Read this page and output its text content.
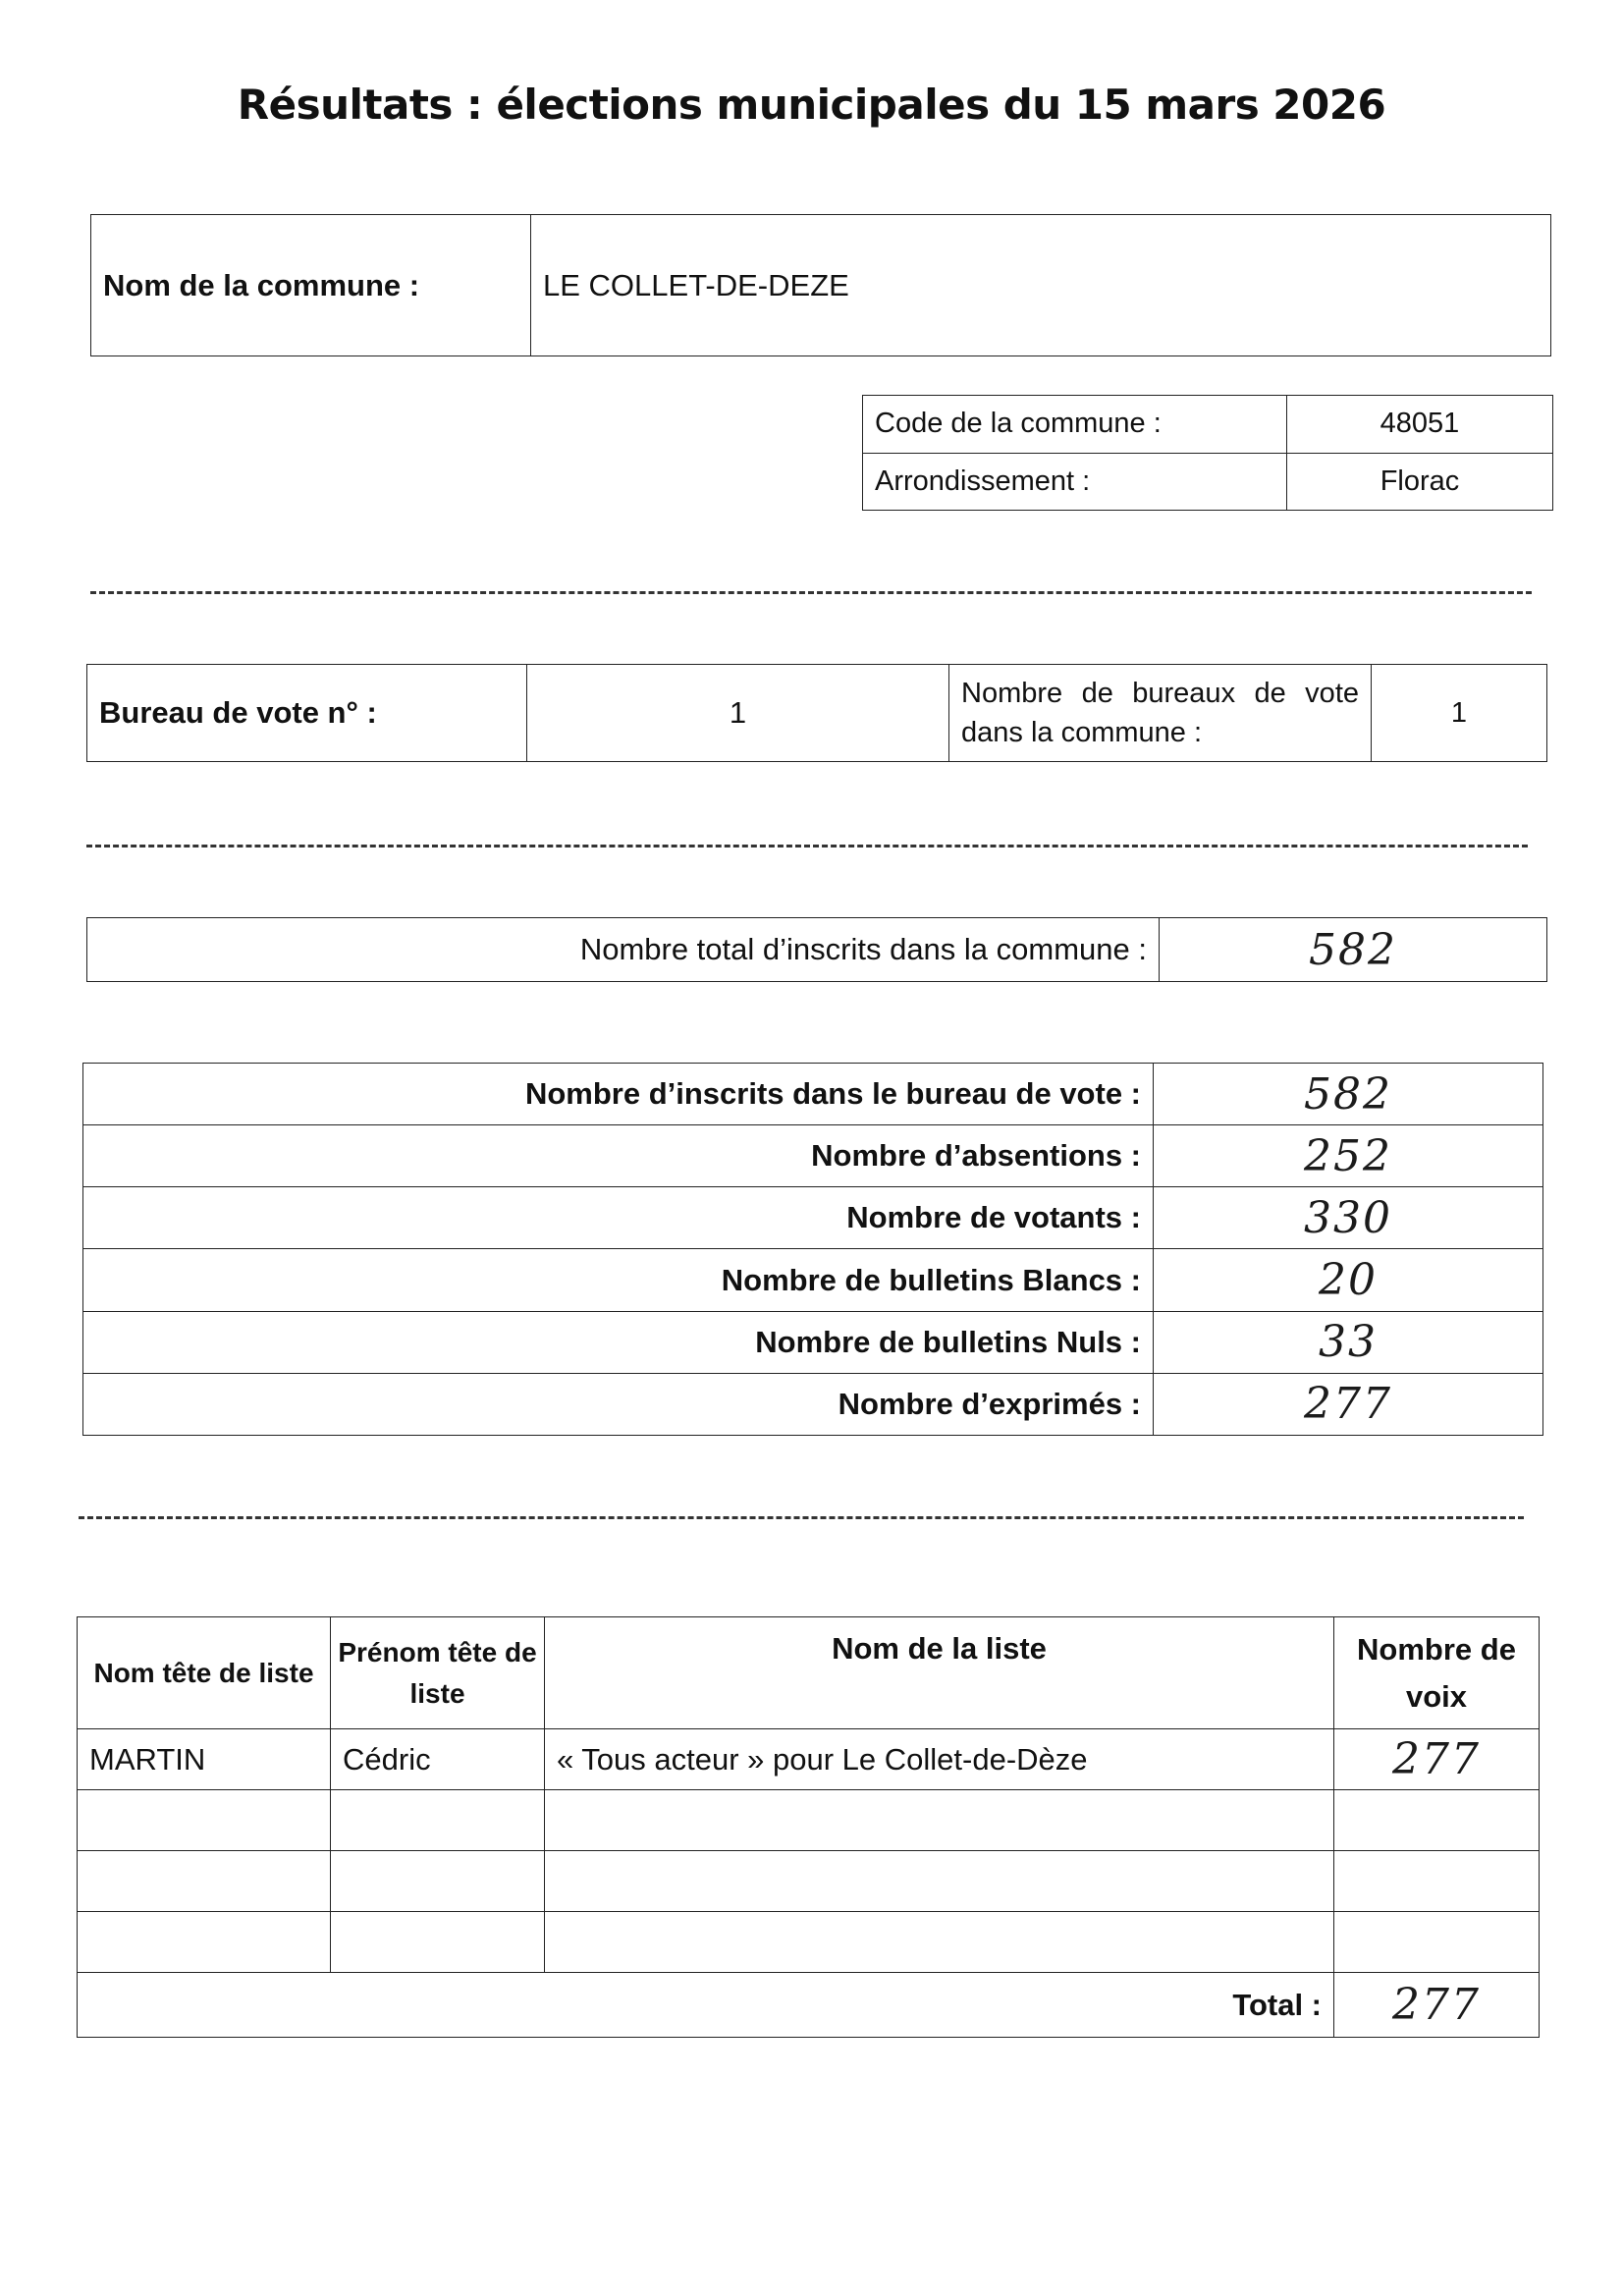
Résultats : élections municipales du 15 mars 2026
Nom de la commune :	LE COLLET-DE-DEZE
Code de la commune :	48051
Arrondissement :	Florac
Bureau de vote n° :	1	Nombre de bureaux de vote dans la commune :	1
Nombre total d’inscrits dans la commune :	582
Nombre d’inscrits dans le bureau de vote :	582
Nombre d’absentions :	252
Nombre de votants :	330
Nombre de bulletins Blancs :	20
Nombre de bulletins Nuls :	33
Nombre d’exprimés :	277
Nom tête de liste	Prénom tête de liste	Nom de la liste	Nombre de voix
MARTIN	Cédric	« Tous acteur » pour Le Collet-de-Dèze	277

Total :			277
